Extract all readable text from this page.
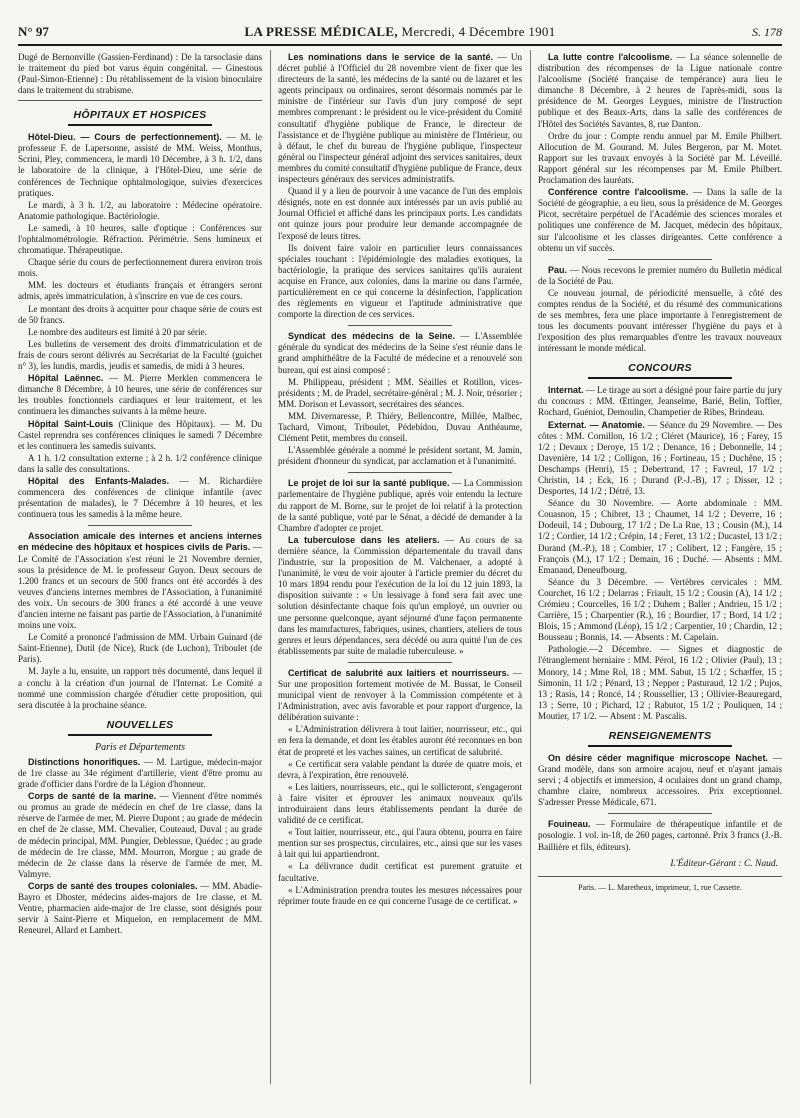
N° 97	LA PRESSE MÉDICALE, Mercredi, 4 Décembre 1901	S. 178

Dugé de Bernonville (Gassien-Ferdinand) : De la tarsoclasie dans le traitement du pied bot varus équin congénital. — Ginestous (Paul-Simon-Etienne) : Du rétablissement de la vision binoculaire dans le traitement du strabisme.

HÔPITAUX ET HOSPICES

Hôtel-Dieu. — Cours de perfectionnement). — M. le professeur F. de Lapersonne, assisté de MM. Weiss, Monthus, Scrini, Pley, commencera, le mardi 10 Décembre, à 3 h. 1/2, dans le laboratoire de la clinique, à l'Hôtel-Dieu, une série de conférences de Technique ophtalmologique, suivies d'exercices pratiques.

Le mardi, à 3 h. 1/2, au laboratoire : Médecine opératoire. Anatomie pathologique. Bactériologie.

Le samedi, à 10 heures, salle d'optique : Conférences sur l'ophtalmométrologie. Réfraction. Périmétrie. Sens lumineux et chromatique. Thérapeutique.

Chaque série du cours de perfectionnement durera environ trois mois.

MM. les docteurs et étudiants français et étrangers seront admis, après immatriculation, à s'inscrire en vue de ces cours.

Le montant des droits à acquitter pour chaque série de cours est de 50 francs.

Le nombre des auditeurs est limité à 20 par série.

Les bulletins de versement des droits d'immatriculation et de frais de cours seront délivrés au Secrétariat de la Faculté (guichet n° 3), les lundis, mardis, jeudis et samedis, de midi à 3 heures.

Hôpital Laënnec. — M. Pierre Merklen commencera le dimanche 8 Décembre, à 10 heures, une série de conférences sur les troubles fonctionnels cardiaques et leur traitement, et les continuera les dimanches suivants à la même heure.

Hôpital Saint-Louis (Clinique des Hôpitaux). — M. Du Castel reprendra ses conférences cliniques le samedi 7 Décembre et les continuera les samedis suivants.

A 1 h. 1/2 consultation externe ; à 2 h. 1/2 conférence clinique dans la salle des consultations.

Hôpital des Enfants-Malades. — M. Richardière commencera des conférences de clinique infantile (avec présentation de malades), le 7 Décembre à 10 heures, et les continuera tous les samedis à la même heure.

Association amicale des internes et anciens internes en médecine des hôpitaux et hospices civils de Paris. — Le Comité de l'Association s'est réuni le 21 Novembre dernier, sous la présidence de M. le professeur Guyon. Deux secours de 1.200 francs et un secours de 500 francs ont été accordés à des veuves d'anciens internes membres de l'Association, à l'unanimité des voix. Un secours de 300 francs a été accordé à une veuve d'ancien interne ne faisant pas partie de l'Association, à l'unanimité moins une voix.

Le Comité a prononcé l'admission de MM. Urbain Guinard (de Saint-Etienne), Dutil (de Nice), Ruck (de Luchon), Triboulet (de Paris).

M. Jayle a lu, ensuite, un rapport très documenté, dans lequel il a conclu à la création d'un journal de l'Internat. Le Comité a nommé une commission chargée d'étudier cette proposition, qui sera discutée à la prochaine séance.

NOUVELLES
Paris et Départements

Distinctions honorifiques. — M. Lartigue, médecin-major de 1re classe au 34e régiment d'artillerie, vient d'être promu au grade d'officier dans l'ordre de la Légion d'honneur.

Corps de santé de la marine. — Viennent d'être nommés ou promus au grade de médecin en chef de 1re classe, dans la réserve de l'armée de mer, M. Pierre Dupont ; au grade de médecin en chef de 2e classe, MM. Chevalier, Couteaud, Duval ; au grade de médecin principal, MM. Pungier, Deblessue, Quédec ; au grade de médecin de 1re classe, MM. Mourron, Morgue ; au grade de médecin de 2e classe dans la réserve de l'armée de mer, M. Valmyre.

Corps de santé des troupes coloniales. — MM. Abadie-Bayro et Dhoster, médecins aides-majors de 1re classe, et M. Ventre, pharmacien aide-major de 1re classe, sont désignés pour servir à Saint-Pierre et Miquelon, en remplacement de MM. Reneurel, Allard et Lambert.

Les nominations dans le service de la santé. — Un décret publié à l'Officiel du 28 novembre vient de fixer que les directeurs de la santé, les médecins de la santé ou de lazaret et les agents principaux ou ordinaires, seront désormais nommés par le ministre de l'intérieur sur l'avis d'un jury composé de sept membres comprenant : le président ou le vice-président du Comité consultatif d'hygiène publique de France, le directeur de l'assistance et de l'hygiène publique au ministère de l'Intérieur, ou à défaut, le chef du bureau de l'hygiène publique, l'inspecteur général ou l'inspecteur général adjoint des services sanitaires, deux membres du comité consultatif d'hygiène publique de France, deux inspecteurs généraux des services administratifs.

Quand il y a lieu de pourvoir à une vacance de l'un des emplois désignés, note en est donnée aux intéressés par un avis publié au Journal Officiel et affiché dans les principaux ports. Les candidats ont quinze jours pour produire leur demande accompagnée de l'exposé de leurs titres.

Ils doivent faire valoir en particulier leurs connaissances spéciales touchant : l'épidémiologie des maladies exotiques, la bactériologie, la pratique des services sanitaires qu'ils auraient acquise en France, aux colonies, dans la marine ou dans l'armée, particulièrement en ce qui concerne la désinfection, l'application des règlements en vigueur et l'aptitude administrative que comporte la direction de ces services.

Syndicat des médecins de la Seine. — L'Assemblée générale du syndicat des médecins de la Seine s'est réunie dans le grand amphithéâtre de la Faculté de médecine et a renouvelé son bureau, qui est ainsi composé :

M. Philippeau, président ; MM. Séailles et Rotillon, vices-présidents ; M. de Pradel, secrétaire-général ; M. J. Noir, trésorier ; MM. Dorison et Levassort, secrétaires des séances.

MM. Divernaresse, P. Thiéry, Bellencontre, Millée, Malbec, Tachard, Vimont, Triboulet, Pédebidou, Duvau Anthéaume, Clément Petit, membres du conseil.

L'Assemblée générale a nommé le président sortant, M. Jamin, président d'honneur du syndicat, par acclamation et à l'unanimité.

Le projet de loi sur la santé publique. — La Commission parlementaire de l'hygiène publique, après voir entendu la lecture du rapport de M. Borne, sur le projet de loi relatif à la protection de la santé publique, voté par le Sénat, a décidé de demander à la Chambre d'adopter ce projet.

La tuberculose dans les ateliers. — Au cours de sa dernière séance, la Commission départementale du travail dans l'industrie, sur la proposition de M. Valchenaer, a adopté à l'unanimité, le vœu de voir ajouter à l'article premier du décret du 10 mars 1894 rendu pour l'exécution de la loi du 12 juin 1893, la disposition suivante : « Un lessivage à fond sera fait avec une solution désinfectante chaque fois qu'un employé, un ouvrier ou une personne quelconque, ayant séjourné d'une façon permanente dans les manufactures, fabriques, usines, chantiers, ateliers de tous genres et leurs dépendances, sera décédé ou aura quitté l'un de ces établissements par suite de maladie tuberculeuse. »

Certificat de salubrité aux laitiers et nourrisseurs. — Sur une proposition fortement motivée de M. Bussat, le Conseil municipal vient de renvoyer à la Commission compétente et à l'Administration, avec avis favorable et pour rapport d'urgence, la délibération suivante :

« L'Administration délivrera à tout laitier, nourrisseur, etc., qui en fera la demande, et dont les étables auront été reconnues en bon état de propreté et les vaches saines, un certificat de salubrité.

« Ce certificat sera valable pendant la durée de quatre mois, et devra, à l'expiration, être renouvelé.

« Les laitiers, nourrisseurs, etc., qui le sollicteront, s'engageront à faire visiter et éprouver les animaux nouveaux qu'ils introduiraient dans leurs établissements pendant la durée de validité de ce certificat.

« Tout laitier, nourrisseur, etc., qui l'aura obtenu, pourra en faire mention sur ses prospectus, circulaires, etc., ainsi que sur les vases à lait qui lui appartiendront.

« La délivrance dudit certificat est purement gratuite et facultative.

« L'Administration prendra toutes les mesures nécessaires pour réprimer toute fraude en ce qui concerne l'usage de ce certificat. »

La lutte contre l'alcoolisme. — La séance solennelle de distribution des récompenses de la Ligue nationale contre l'alcoolisme (Société française de tempérance) aura lieu le dimanche 8 Décembre, à 2 heures de l'après-midi, sous la présidence de M. Georges Leygues, ministre de l'Instruction publique et des Beaux-Arts, dans la salle des conférences de l'Hôtel des Sociétés Savantes, 8, rue Danton.

Ordre du jour : Compte rendu annuel par M. Emile Philbert. Allocution de M. Gourand. M. Jules Bergeron, par M. Motet. Rapport sur les travaux envoyés à la Société par M. Léveillé. Rapport général sur les récompenses par M. Emile Philbert. Proclamation des lauréats.

Conférence contre l'alcoolisme. — Dans la salle de la Société de géographie, a eu lieu, sous la présidence de M. Georges Picot, secrétaire perpétuel de l'Académie des sciences morales et politiques une conférence de M. Jacquet, médecin des hôpitaux, sur l'alcoolisme et les classes dirigeantes. Cette conférence a obtenu un vif succès.

Pau. — Nous recevons le premier numéro du Bulletin médical de la Société de Pau.

Ce nouveau journal, de périodicité mensuelle, à côté des comptes rendus de la Société, et du résumé des communications de ses membres, fera une place importante à l'enregistrement de tous les documents pouvant intéresser l'hygiène du pays et à l'exposition des plus remarquables d'entre les travaux nouveaux intéressant le monde médical.

CONCOURS

Internat. — Le tirage au sort a désigné pour faire partie du jury du concours : MM. Œttinger, Jeanselme, Barié, Belin, Toffier, Rochard, Guéniot, Demoulin, Champetier de Ribes, Brindeau.

Externat. — Anatomie. — Séance du 29 Novembre. — Des côtes : MM. Cornillon, 16 1/2 ; Cléret (Maurice), 16 ; Farey, 15 1/2 ; Devaux ; Deroye, 15 1/2 ; Denance, 16 ; Debonnelle, 14 ; Davenière, 14 1/2 ; Colligon, 16 ; Fortineau, 15 ; Duchêne, 15 ; Deschamps (Henri), 15 ; Debertrand, 17 ; Favreul, 17 1/2 ; Christin, 14 ; Eck, 16 ; Durand (P.-J.-B), 17 ; Disser, 12 ; Desportes, 14 1/2 ; Détré, 13.

Séance du 30 Novembre. — Aorte abdominale : MM. Couasnon, 15 ; Chibret, 13 ; Chaumet, 14 1/2 ; Deverre, 16 ; Dodeuil, 14 ; Dubourg, 17 1/2 ; De La Rue, 13 ; Cousin (M.), 14 1/2 ; Cordier, 14 1/2 ; Crépin, 14 ; Feret, 13 1/2 ; Ducastel, 13 1/2 ; Durand (M.-P.), 18 ; Combier, 17 ; Colibert, 12 ; Fangère, 15 ; François (M.), 17 1/2 ; Demain, 16 ; Duché. — Absents : MM. Emanaud, Deneufbourg.

Séance du 3 Décembre. — Vertèbres cervicales : MM. Courchet, 16 1/2 ; Delarras ; Friault, 15 1/2 ; Cousin (A), 14 1/2 ; Crémieu ; Courcelles, 16 1/2 ; Duhem ; Baller ; Andrieu, 15 1/2 ; Carrière, 15 ; Charpentier (R.), 16 ; Bourdier, 17 ; Bord, 14 1/2 ; Blois, 15 ; Ammond (Léop), 15 1/2 ; Carpentier, 10 ; Chardin, 12 ; Bousseau ; Bonnis, 14. — Absents : M. Capelain.

Pathologie.—2 Décembre. — Signes et diagnostic de l'étranglement herniaire : MM. Pérol, 16 1/2 ; Olivier (Paul), 13 ; Monory, 14 ; Mme Rol, 18 ; MM. Sabut, 15 1/2 ; Schæffer, 15 ; Simonin, 11 1/2 ; Pénard, 13 ; Nepper ; Pasturaud, 12 1/2 ; Pujos, 13 ; Rasis, 14 ; Roncé, 14 ; Roussellier, 13 ; Ollivier-Beauregard, 13 ; Serre, 10 ; Pichard, 12 ; Rabutot, 15 1/2 ; Pouliquen, 14 ; Moutier, 17 1/2. — Absent : M. Pascalis.

RENSEIGNEMENTS

On désire céder magnifique microscope Nachet. — Grand modèle, dans son armoire acajou, neuf et n'ayant jamais servi ; 4 objectifs et immersion, 4 oculaires dont un grand champ, chambre claire, nombreux accessoires. Prix exceptionnel. S'adresser Presse Médicale, 671.

Fouineau. — Formulaire de thérapeutique infantile et de posologie. 1 vol. in-18, de 260 pages, cartonné. Prix 3 francs (J.-B. Baillière et fils, éditeurs).

L'Éditeur-Gérant : C. Naud.
Paris. — L. Maretheux, imprimeur, 1, rue Cassette.
